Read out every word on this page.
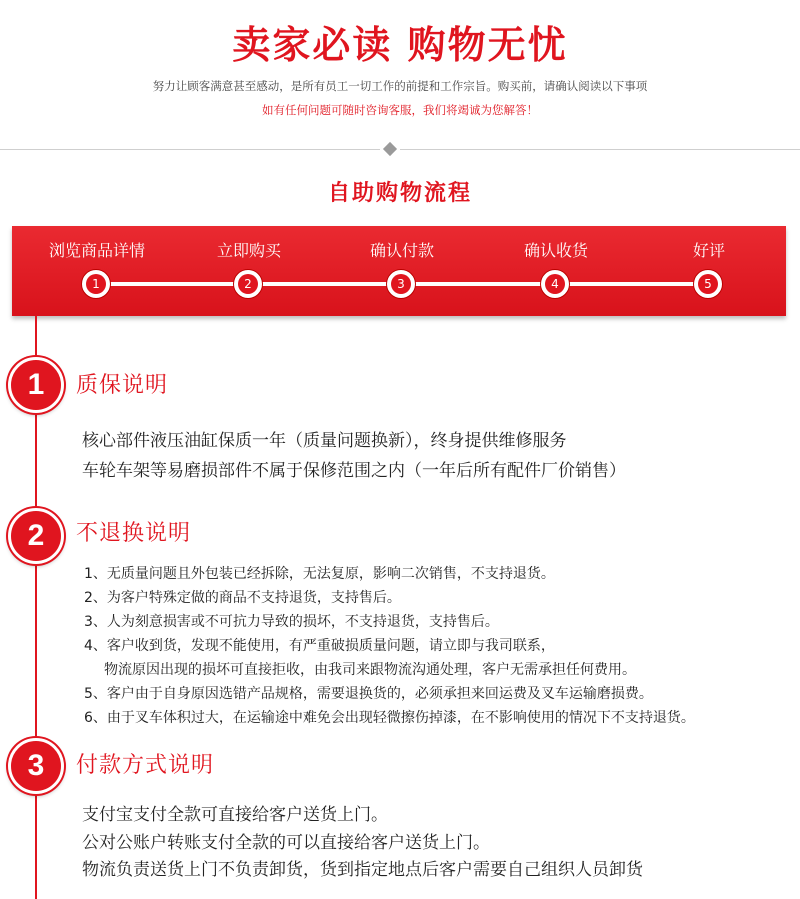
卖家必读 购物无忧
努力让顾客满意甚至感动，是所有员工一切工作的前提和工作宗旨。购买前，请确认阅读以下事项
如有任何问题可随时咨询客服，我们将竭诚为您解答！
自助购物流程
浏览商品详情
1
立即购买
2
确认付款
3
确认收货
4
好评
5
1	质保说明
核心部件液压油缸保质一年（质量问题换新），终身提供维修服务
车轮车架等易磨损部件不属于保修范围之内（一年后所有配件厂价销售）
2	不退换说明
1、无质量问题且外包装已经拆除，无法复原，影响二次销售，不支持退货。
2、为客户特殊定做的商品不支持退货，支持售后。
3、人为刻意损害或不可抗力导致的损坏，不支持退货，支持售后。
4、客户收到货，发现不能使用，有严重破损质量问题，请立即与我司联系，
物流原因出现的损坏可直接拒收，由我司来跟物流沟通处理，客户无需承担任何费用。
5、客户由于自身原因选错产品规格，需要退换货的，必须承担来回运费及叉车运输磨损费。
6、由于叉车体积过大，在运输途中难免会出现轻微擦伤掉漆，在不影响使用的情况下不支持退货。
3	付款方式说明
支付宝支付全款可直接给客户送货上门。
公对公账户转账支付全款的可以直接给客户送货上门。
物流负责送货上门不负责卸货，货到指定地点后客户需要自己组织人员卸货
